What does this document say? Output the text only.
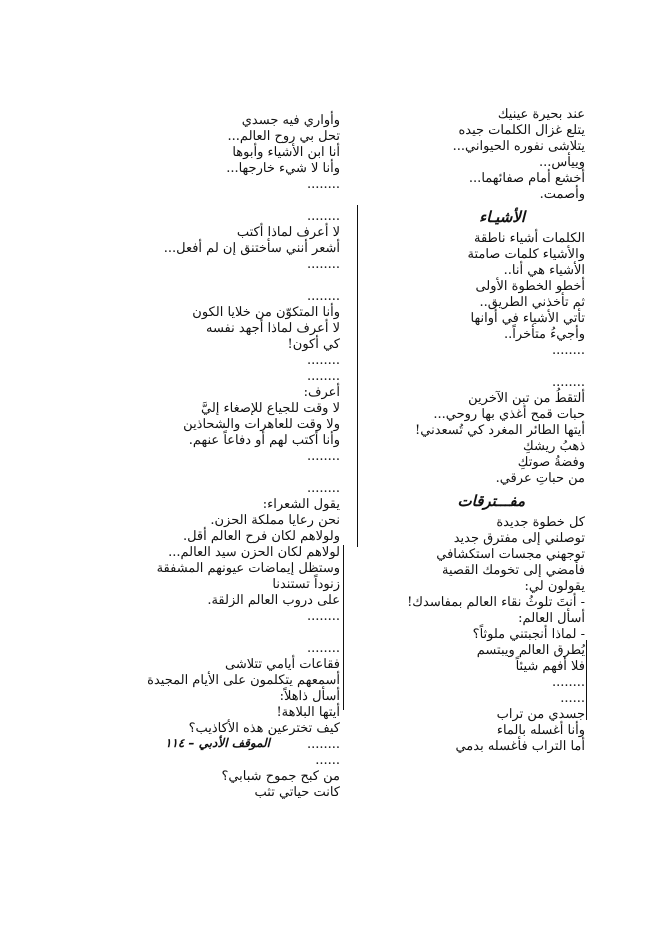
عند بحيرة عينيك
يتلع غزال الكلمات جيده
يتلاشى نفوره الحيواني...
وييأس...
أخشع أمام صفائهما...
وأصمت.
الأشيـاء
الكلمات أشياء ناطقة
والأشياء كلمات صامتة
الأشياء هي أنا..
أخطو الخطوة الأولى
ثم تأخذني الطريق..
تأتي الأشياء في أوانها
وأجيءُ متأخراً..
........
........
ألتقطُ من تبن الآخرين
حبات قمح أغذي بها روحي...
أيتها الطائر المغرد كي تُسعدني!
ذهبُ ريشكِ
وفضةُ صوتكِ
من حباتِ عرقي.
مفـــترقات
كل خطوة جديدة
توصلني إلى مفترق جديد
توجهني مجسات استكشافي
فأمضي إلى تخومك القصية
يقولون لي:
- أنتَ تلوثُ نقاء العالم بمفاسدك!
أسأل العالم:
- لماذا أنجبتني ملوثاً؟
يُطرق العالم ويبتسم
فلا أفهم شيئاً
........
......
جسدي من تراب
وأنا أغسله بالماء
أما التراب فأغسله بدمي
وأواري فيه جسدي
تحل بي روح العالم...
أنا ابن الأشياء وأبوها
وأنا لا شيء خارجها...
........
........
لا أعرف لماذا أكتب
أشعر أنني سأختنق إن لم أفعل...
........
........
وأنا المتكوّن من خلايا الكون
لا أعرف لماذا أجهد نفسه
كي أكون!
........
........
أعرف:
لا وقت للجياع للإصغاء إليَّ
ولا وقت للعاهرات والشحاذين
وأنا أكتب لهم أو دفاعاً عنهم.
........
........
يقول الشعراء:
نحن رعايا مملكة الحزن.
ولولاهم لكان فرح العالم أقل.
لولاهم لكان الحزن سيد العالم...
وستظل إيماضات عيونهم المشفقة
زنوداً تستندنا
على دروب العالم الزلقة.
........
........
فقاعات أيامي تتلاشى
أسمعهم يتكلمون على الأيام المجيدة
أسأل ذاهلاً:
أيتها البلاهة!
كيف تخترعين هذه الأكاذيب؟
........
......
من كبح جموح شبابي؟
كانت حياتي تثب
الموقف الأدبي – ١١٤
